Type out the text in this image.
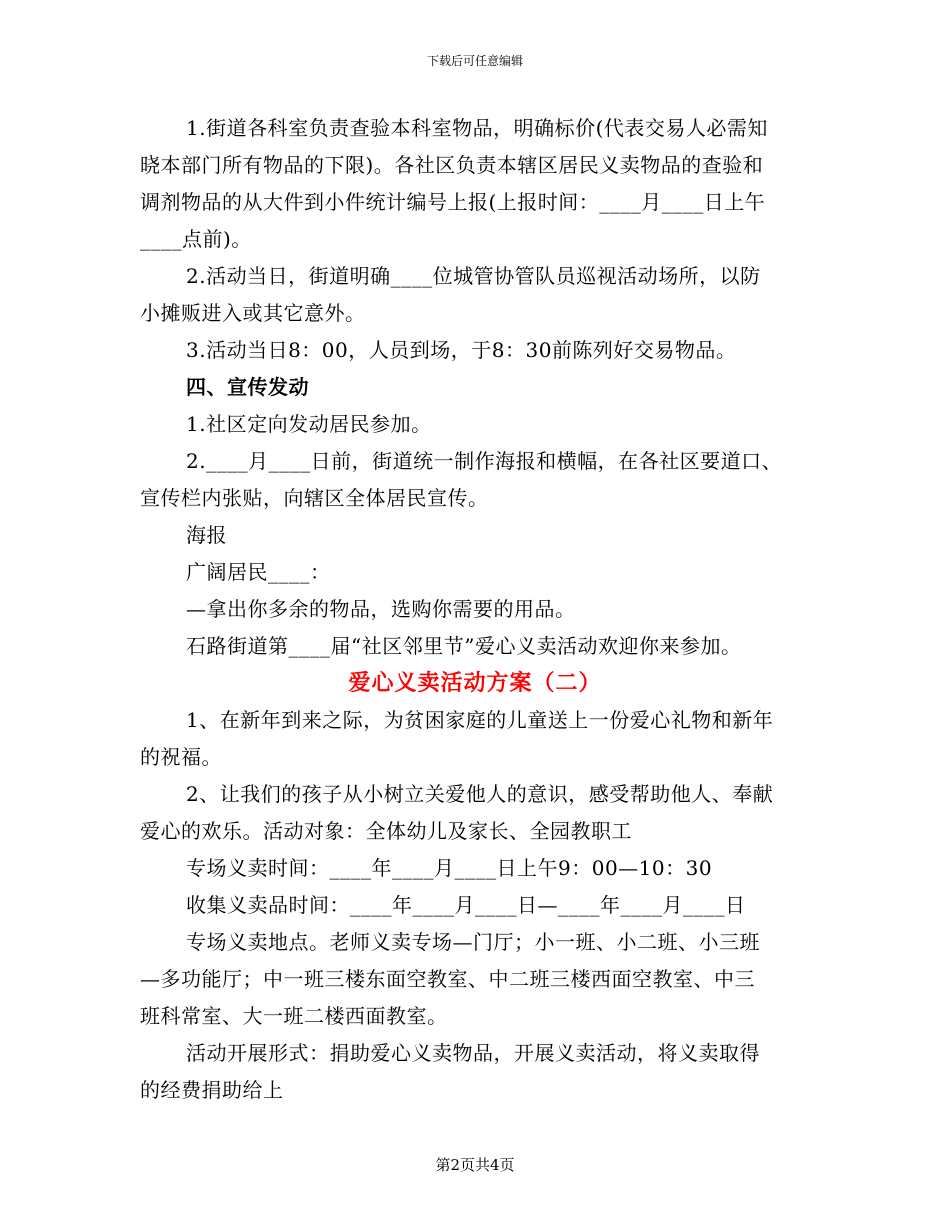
下载后可任意编辑
1.街道各科室负责查验本科室物品，明确标价(代表交易人必需知
晓本部门所有物品的下限)。各社区负责本辖区居民义卖物品的查验和
调剂物品的从大件到小件统计编号上报(上报时间：____月____日上午
____点前)。
2.活动当日，街道明确____位城管协管队员巡视活动场所，以防
小摊贩进入或其它意外。
3.活动当日8：00，人员到场，于8：30前陈列好交易物品。
四、宣传发动
1.社区定向发动居民参加。
2.____月____日前，街道统一制作海报和横幅，在各社区要道口、
宣传栏内张贴，向辖区全体居民宣传。
海报
广阔居民____：
—拿出你多余的物品，选购你需要的用品。
石路街道第____届“社区邻里节”爱心义卖活动欢迎你来参加。
爱心义卖活动方案（二）
1、在新年到来之际，为贫困家庭的儿童送上一份爱心礼物和新年
的祝福。
2、让我们的孩子从小树立关爱他人的意识，感受帮助他人、奉献
爱心的欢乐。活动对象：全体幼儿及家长、全园教职工
专场义卖时间：____年____月____日上午9：00—10：30
收集义卖品时间：____年____月____日—____年____月____日
专场义卖地点。老师义卖专场—门厅；小一班、小二班、小三班
—多功能厅；中一班三楼东面空教室、中二班三楼西面空教室、中三
班科常室、大一班二楼西面教室。
活动开展形式：捐助爱心义卖物品，开展义卖活动，将义卖取得
的经费捐助给上
第2页共4页
